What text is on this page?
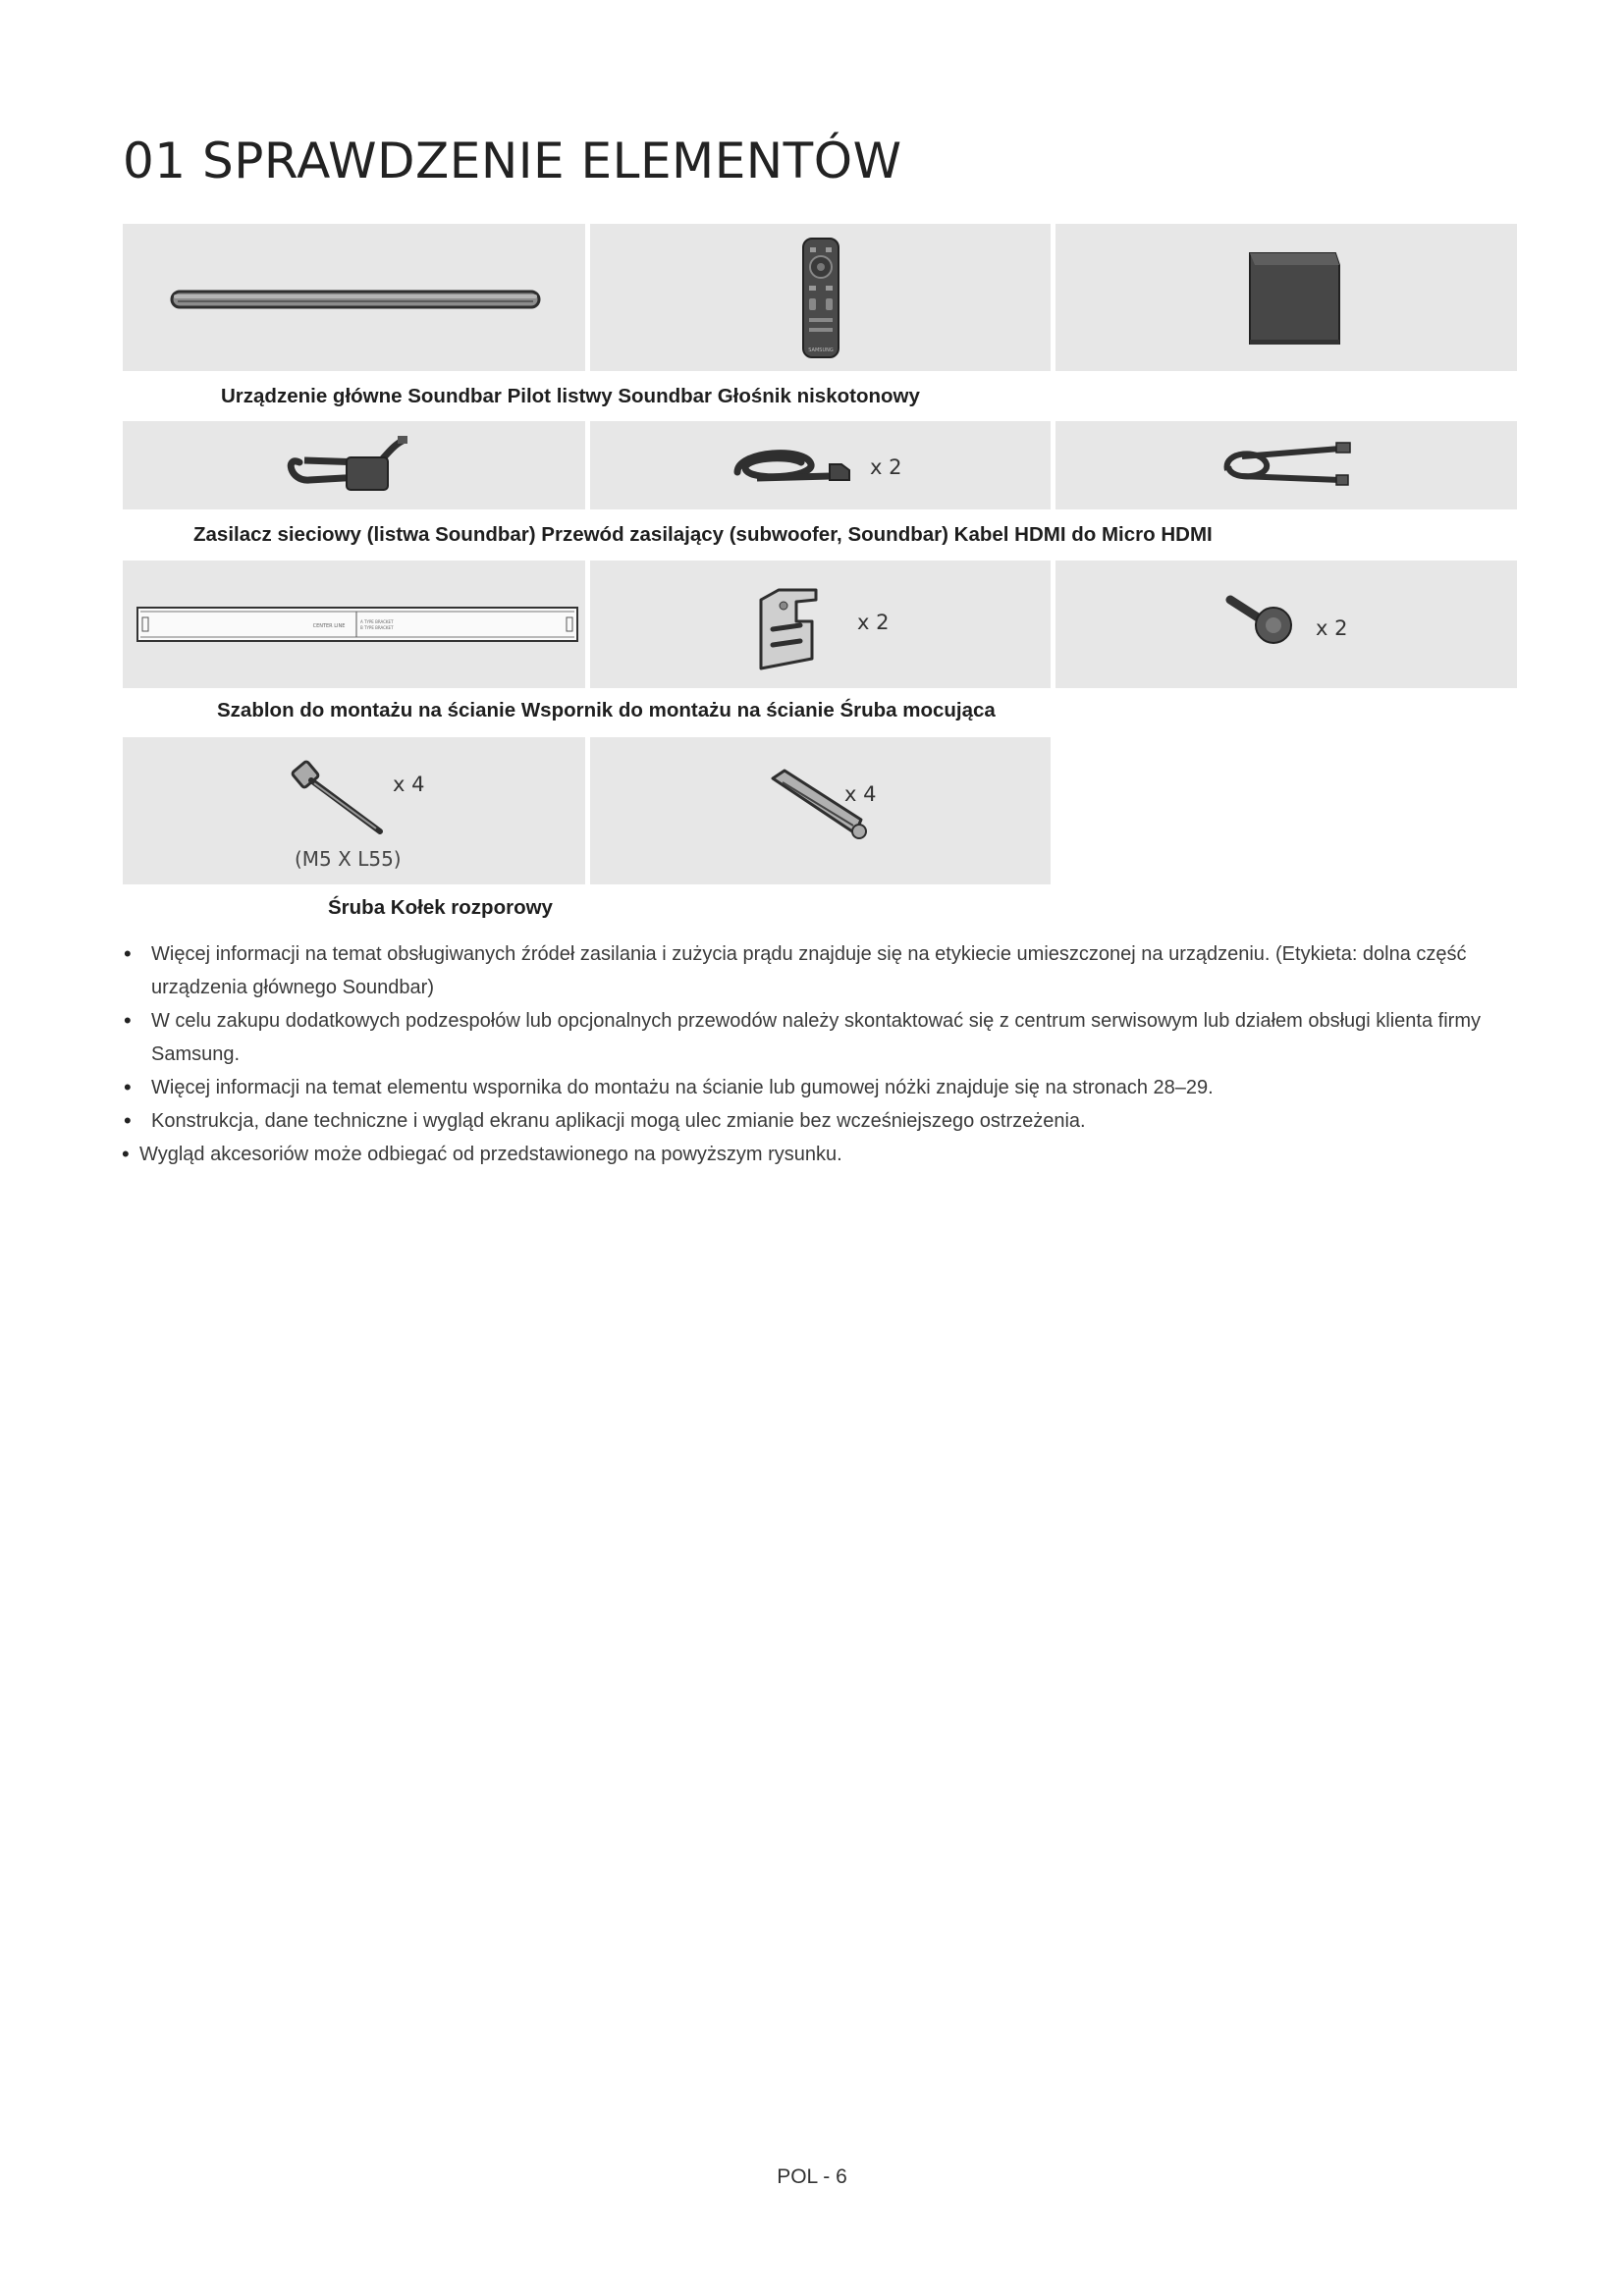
01 SPRAWDZENIE ELEMENTÓW
SAMSUNG

Urządzenie główne Soundbar Pilot listwy Soundbar Głośnik niskotonowy

x 2

Zasilacz sieciowy (listwa Soundbar) Przewód zasilający (subwoofer, Soundbar) Kabel HDMI do Micro HDMI

CENTER LINE
A TYPE BRACKET
B TYPE BRACKET	x 2	x 2

Szablon do montażu na ścianie Wspornik do montażu na ścianie Śruba mocująca

x 4
(M5 X L55)
x 4

Śruba Kołek rozporowy

• Więcej informacji na temat obsługiwanych źródeł zasilania i zużycia prądu znajduje się na etykiecie umieszczonej na urządzeniu. (Etykieta: dolna część urządzenia głównego Soundbar)
• W celu zakupu dodatkowych podzespołów lub opcjonalnych przewodów należy skontaktować się z centrum serwisowym lub działem obsługi klienta firmy Samsung.
• Więcej informacji na temat elementu wspornika do montażu na ścianie lub gumowej nóżki znajduje się na stronach 28–29.
• Konstrukcja, dane techniczne i wygląd ekranu aplikacji mogą ulec zmianie bez wcześniejszego ostrzeżenia.
• Wygląd akcesoriów może odbiegać od przedstawionego na powyższym rysunku.
POL - 6
